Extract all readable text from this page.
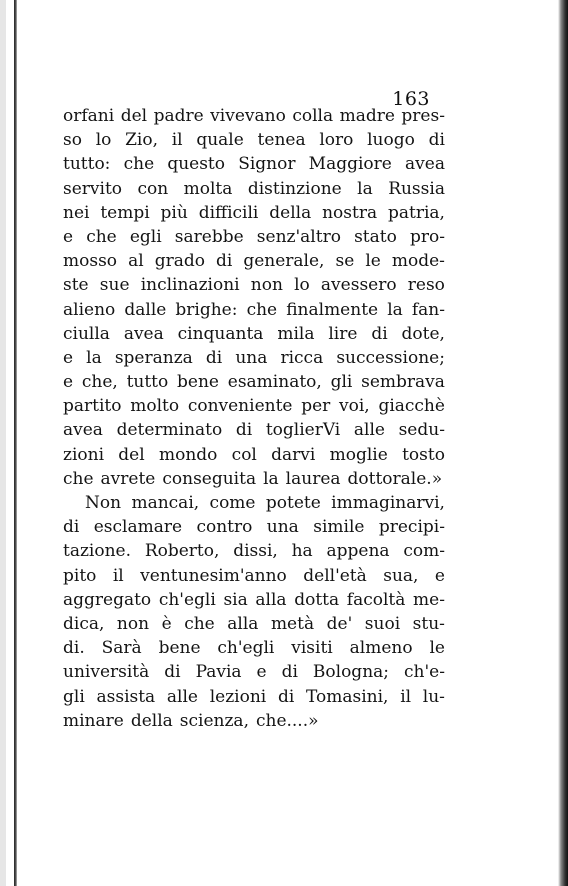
163
orfani del padre vivevano colla madre pres-
so lo Zio, il quale tenea loro luogo di
tutto: che questo Signor Maggiore avea
servito con molta distinzione la Russia
nei tempi più difficili della nostra patria,
e che egli sarebbe senz'altro stato pro-
mosso al grado di generale, se le mode-
ste sue inclinazioni non lo avessero reso
alieno dalle brighe: che finalmente la fan-
ciulla avea cinquanta mila lire di dote,
e la speranza di una ricca successione;
e che, tutto bene esaminato, gli sembrava
partito molto conveniente per voi, giacchè
avea determinato di toglierVi alle sedu-
zioni del mondo col darvi moglie tosto
che avrete conseguita la laurea dottorale.»
Non mancai, come potete immaginarvi,
di esclamare contro una simile precipi-
tazione. Roberto, dissi, ha appena com-
pito il ventunesim'anno dell'età sua, e
aggregato ch'egli sia alla dotta facoltà me-
dica, non è che alla metà de' suoi stu-
di. Sarà bene ch'egli visiti almeno le
università di Pavia e di Bologna; ch'e-
gli assista alle lezioni di Tomasini, il lu-
minare della scienza, che....»
